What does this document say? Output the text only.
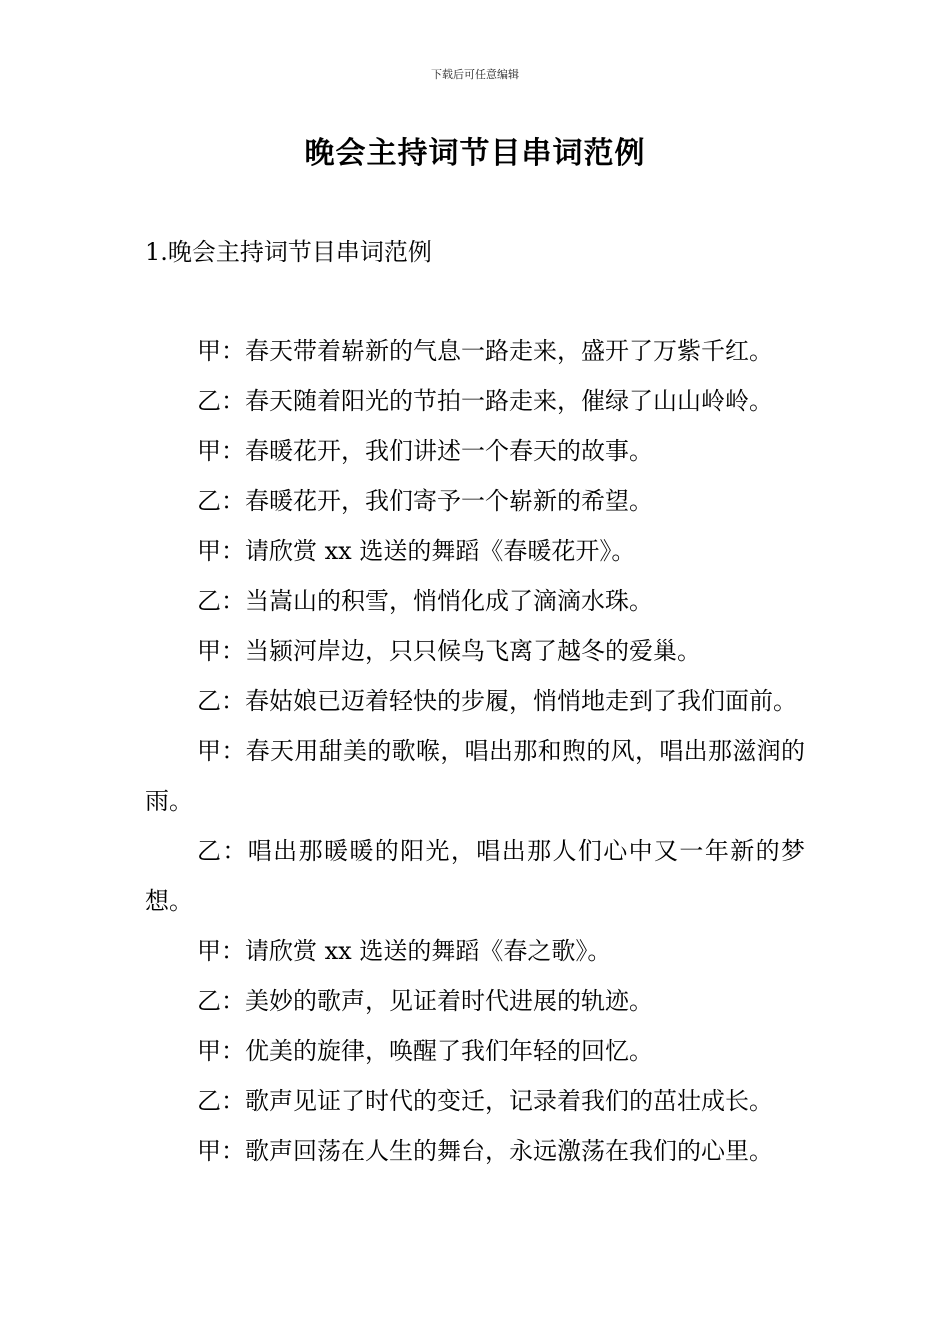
下载后可任意编辑
晚会主持词节目串词范例
1.晚会主持词节目串词范例

甲：春天带着崭新的气息一路走来，盛开了万紫千红。

乙：春天随着阳光的节拍一路走来，催绿了山山岭岭。

甲：春暖花开，我们讲述一个春天的故事。

乙：春暖花开，我们寄予一个崭新的希望。

甲：请欣赏 xx 选送的舞蹈《春暖花开》。

乙：当嵩山的积雪，悄悄化成了滴滴水珠。

甲：当颍河岸边，只只候鸟飞离了越冬的爱巢。

乙：春姑娘已迈着轻快的步履，悄悄地走到了我们面前。

甲：春天用甜美的歌喉，唱出那和煦的风，唱出那滋润的雨。

乙：唱出那暖暖的阳光，唱出那人们心中又一年新的梦想。

甲：请欣赏 xx 选送的舞蹈《春之歌》。

乙：美妙的歌声，见证着时代进展的轨迹。

甲：优美的旋律，唤醒了我们年轻的回忆。

乙：歌声见证了时代的变迁，记录着我们的茁壮成长。

甲：歌声回荡在人生的舞台，永远激荡在我们的心里。
